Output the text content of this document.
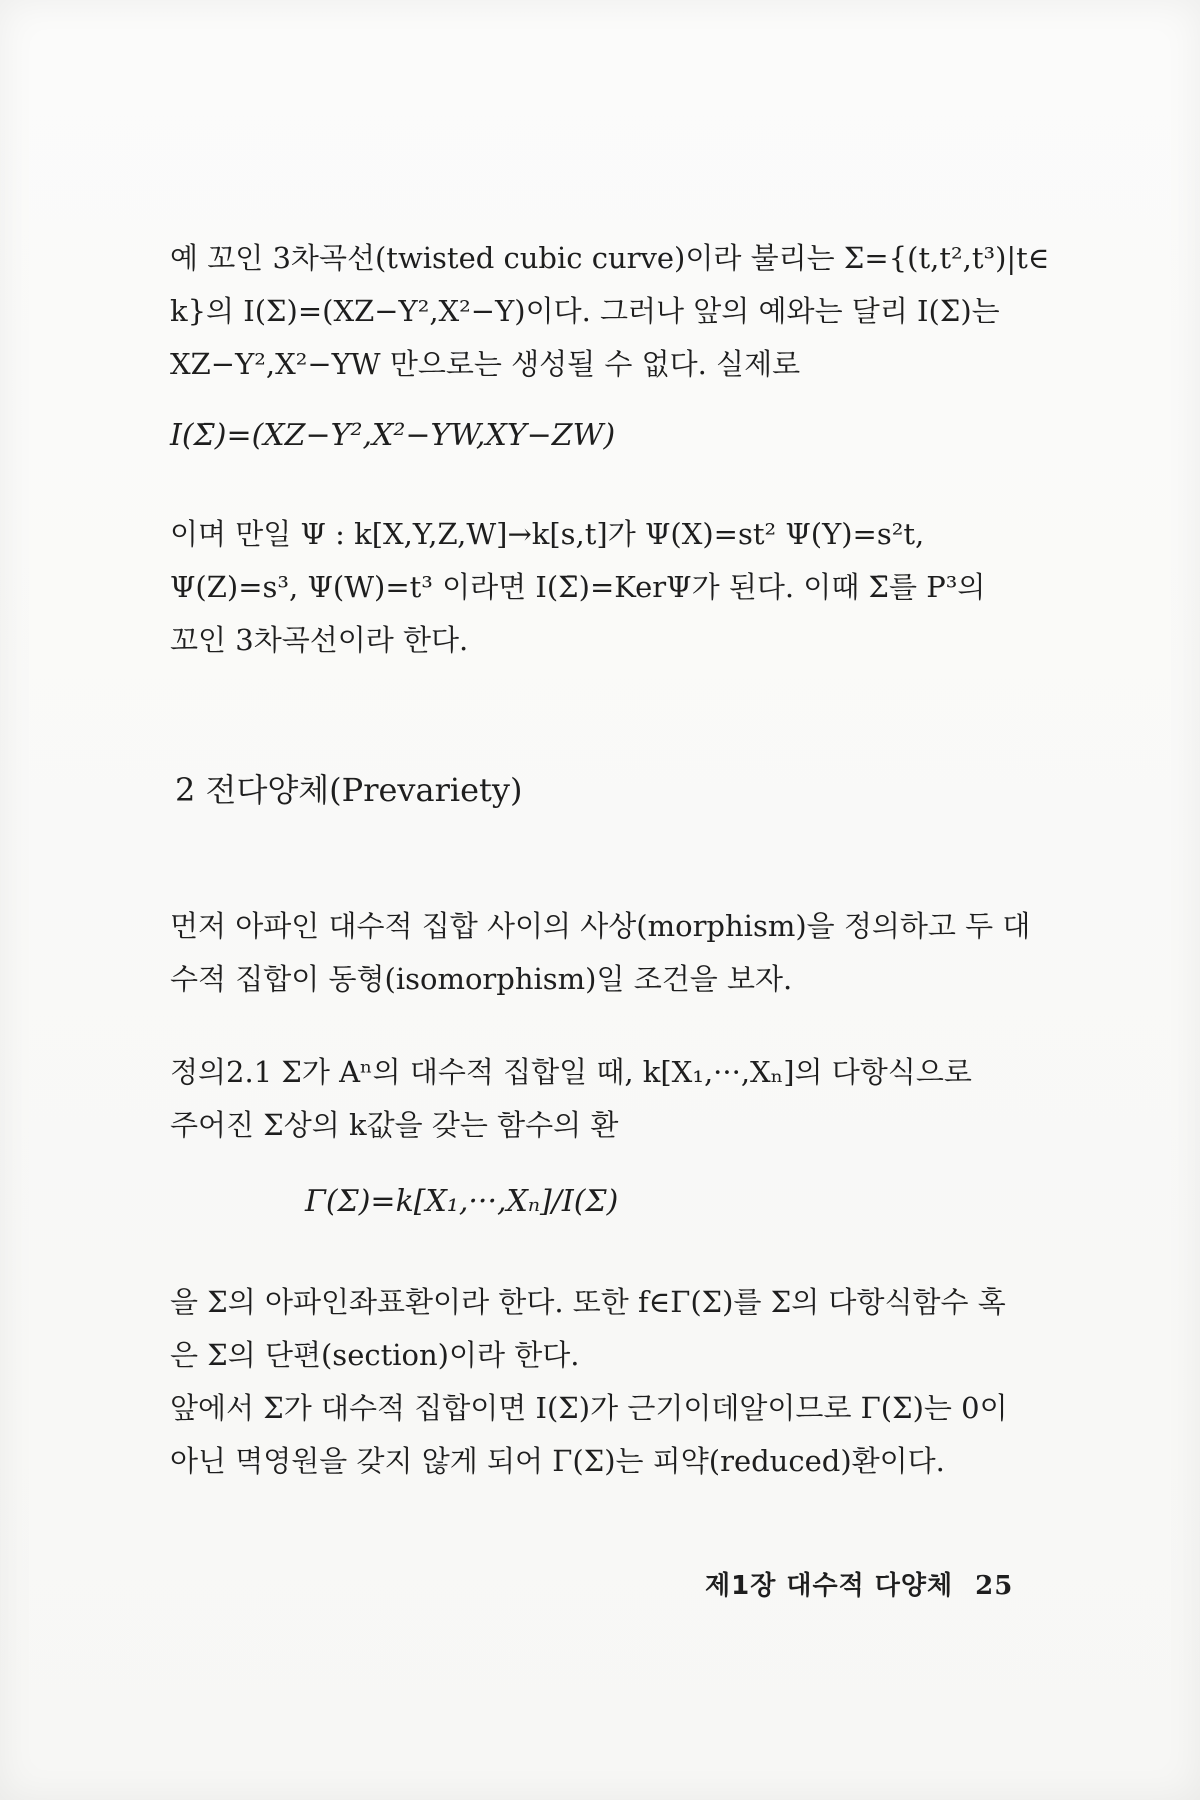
예 꼬인 3차곡선(twisted cubic curve)이라 불리는 Σ={(t,t²,t³)|t∈
k}의 I(Σ)=(XZ−Y²,X²−Y)이다. 그러나 앞의 예와는 달리 I(Σ̄)는
XZ−Y²,X²−YW 만으로는 생성될 수 없다. 실제로

I(Σ̄)=(XZ−Y²,X²−YW,XY−ZW)

이며 만일 Ψ : k[X,Y,Z,W]→k[s,t]가 Ψ(X)=st² Ψ(Y)=s²t,
Ψ(Z)=s³, Ψ(W)=t³ 이라면 I(Σ̄)=KerΨ가 된다. 이때 Σ̄를 P³의
꼬인 3차곡선이라 한다.

2 전다양체(Prevariety)

먼저 아파인 대수적 집합 사이의 사상(morphism)을 정의하고 두 대
수적 집합이 동형(isomorphism)일 조건을 보자.

정의2.1 Σ가 Aⁿ의 대수적 집합일 때, k[X₁,···,Xₙ]의 다항식으로
주어진 Σ상의 k값을 갖는 함수의 환

Γ(Σ)=k[X₁,···,Xₙ]/I(Σ)

을 Σ의 아파인좌표환이라 한다. 또한 f∈Γ(Σ)를 Σ의 다항식함수 혹
은 Σ의 단편(section)이라 한다.
앞에서 Σ가 대수적 집합이면 I(Σ)가 근기이데알이므로 Γ(Σ)는 0이
아닌 멱영원을 갖지 않게 되어 Γ(Σ)는 피약(reduced)환이다.

제1장 대수적 다양체 25
